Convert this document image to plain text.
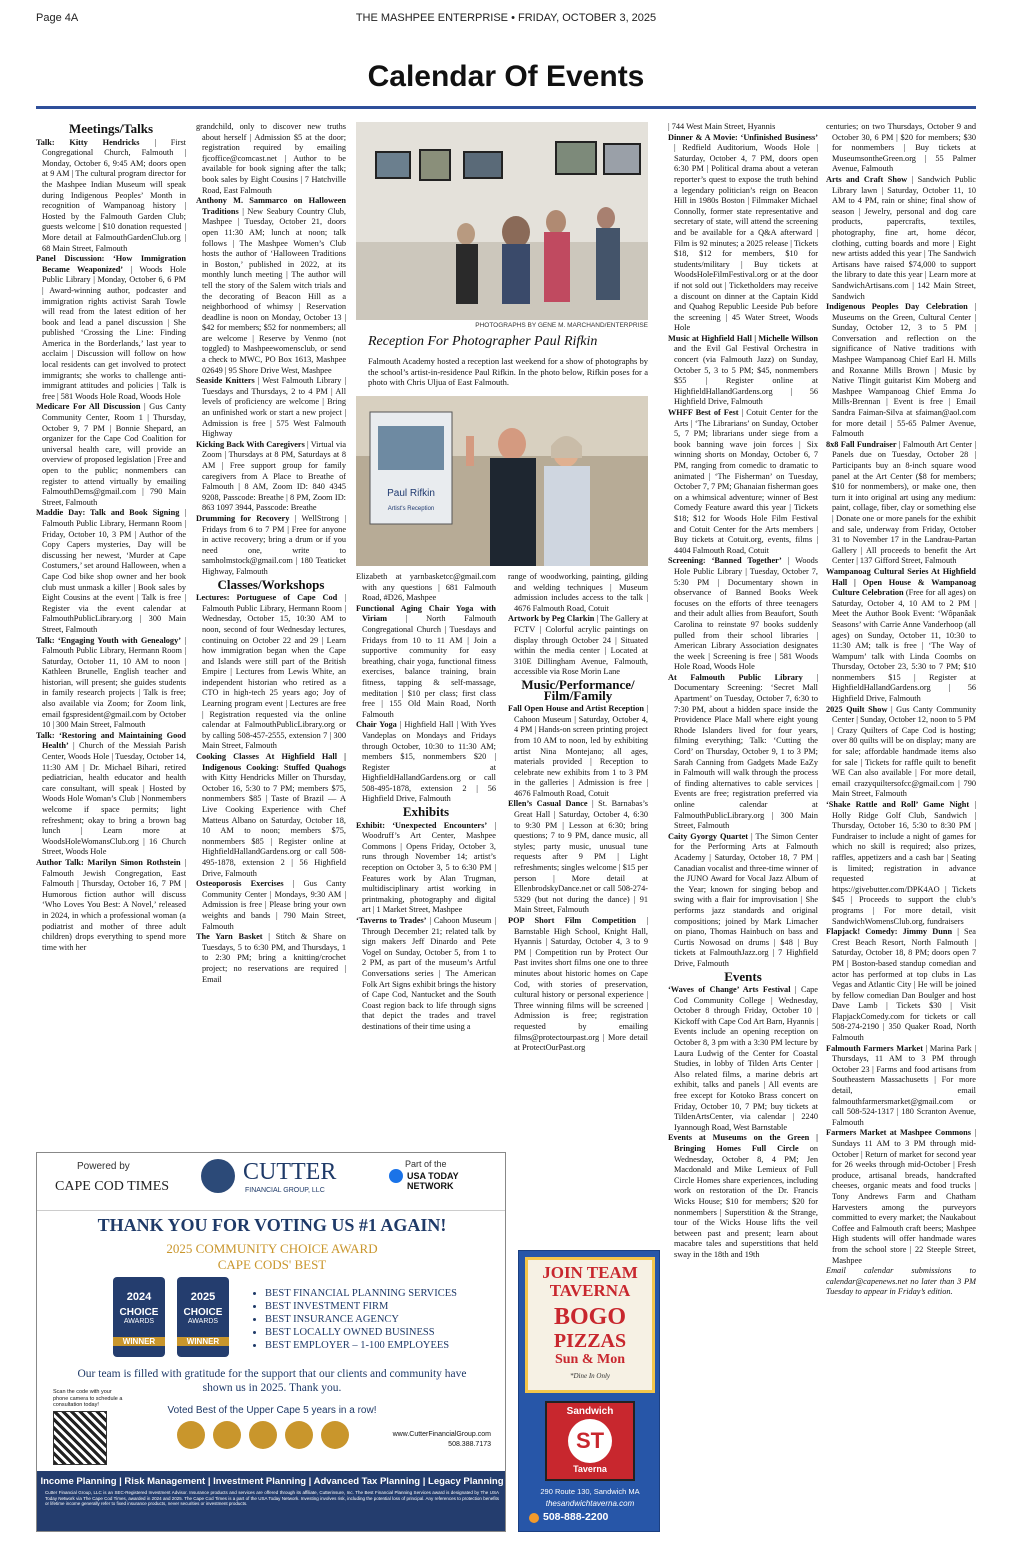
Page 4A	THE MASHPEE ENTERPRISE • FRIDAY, OCTOBER 3, 2025
Calendar Of Events
Meetings/Talks

Talk: Kitty Hendricks | First Congregational Church, Falmouth | Monday, October 6, 9:45 AM; doors open at 9 AM | The cultural program director for the Mashpee Indian Museum will speak during Indigenous Peoples’ Month in recognition of Wampanoag history | Hosted by the Falmouth Garden Club; guests welcome | $10 donation requested | More detail at FalmouthGardenClub.org | 68 Main Street, Falmouth

Panel Discussion: ‘How Immigration Became Weaponized’ | Woods Hole Public Library | Monday, October 6, 6 PM | Award-winning author, podcaster and immigration rights activist Sarah Towle will read from the latest edition of her book and lead a panel discussion | She published ‘Crossing the Line: Finding America in the Borderlands,’ last year to acclaim | Discussion will follow on how local residents can get involved to protect immigrants; she works to challenge anti-immigrant attitudes and policies | Talk is free | 581 Woods Hole Road, Woods Hole

Medicare For All Discussion | Gus Canty Community Center, Room 1 | Thursday, October 9, 7 PM | Bonnie Shepard, an organizer for the Cape Cod Coalition for universal health care, will provide an overview of proposed legislation | Free and open to the public; nonmembers can register to attend virtually by emailing FalmouthDems@gmail.com | 790 Main Street, Falmouth

Maddie Day: Talk and Book Signing | Falmouth Public Library, Hermann Room | Friday, October 10, 3 PM | Author of the Copy Capers mysteries, Day will be discussing her newest, ‘Murder at Cape Costumers,’ set around Halloween, when a Cape Cod bike shop owner and her book club must unmask a killer | Book sales by Eight Cousins at the event | Talk is free | Register via the event calendar at FalmouthPublicLibrary.org | 300 Main Street, Falmouth

Talk: ‘Engaging Youth with Genealogy’ | Falmouth Public Library, Hermann Room | Saturday, October 11, 10 AM to noon | Kathleen Brunelle, English teacher and historian, will present; she guides students in family research projects | Talk is free; also available via Zoom; for Zoom link, email fgspresident@gmail.com by October 10 | 300 Main Street, Falmouth

Talk: ‘Restoring and Maintaining Good Health’ | Church of the Messiah Parish Center, Woods Hole | Tuesday, October 14, 11:30 AM | Dr. Michael Bihari, retired pediatrician, health educator and health care consultant, will speak | Hosted by Woods Hole Woman’s Club | Nonmembers welcome if space permits; light refreshment; okay to bring a brown bag lunch | Learn more at WoodsHoleWomansClub.org | 16 Church Street, Woods Hole

Author Talk: Marilyn Simon Rothstein | Falmouth Jewish Congregation, East Falmouth | Thursday, October 16, 7 PM | Humorous fiction author will discuss ‘Who Loves You Best: A Novel,’ released in 2024, in which a professional woman (a podiatrist and mother of three adult children) drops everything to spend more time with her

grandchild, only to discover new truths about herself | Admission $5 at the door; registration required by emailing fjcoffice@comcast.net | Author to be available for book signing after the talk; book sales by Eight Cousins | 7 Hatchville Road, East Falmouth

Anthony M. Sammarco on Halloween Traditions | New Seabury Country Club, Mashpee | Tuesday, October 21, doors open 11:30 AM; lunch at noon; talk follows | The Mashpee Women’s Club hosts the author of ‘Halloween Traditions in Boston,’ published in 2022, at its monthly lunch meeting | The author will tell the story of the Salem witch trials and the decorating of Beacon Hill as a neighborhood of whimsy | Reservation deadline is noon on Monday, October 13 | $42 for members; $52 for nonmembers; all are welcome | Reserve by Venmo (not toggled) to Mashpeewomensclub, or send a check to MWC, PO Box 1613, Mashpee 02649 | 95 Shore Drive West, Mashpee

Seaside Knitters | West Falmouth Library | Tuesdays and Thursdays, 2 to 4 PM | All levels of proficiency are welcome | Bring an unfinished work or start a new project | Admission is free | 575 West Falmouth Highway

Kicking Back With Caregivers | Virtual via Zoom | Thursdays at 8 PM, Saturdays at 8 AM | Free support group for family caregivers from A Place to Breathe of Falmouth | 8 AM, Zoom ID: 840 4345 9208, Passcode: Breathe | 8 PM, Zoom ID: 863 1097 3944, Passcode: Breathe

Drumming for Recovery | WellStrong | Fridays from 6 to 7 PM | Free for anyone in active recovery; bring a drum or if you need one, write to samholmstock@gmail.com | 180 Teaticket Highway, Falmouth

Classes/Workshops

Lectures: Portuguese of Cape Cod | Falmouth Public Library, Hermann Room | Wednesday, October 15, 10:30 AM to noon, second of four Wednesday lectures, continuing on October 22 and 29 | Learn how immigration began when the Cape and Islands were still part of the British Empire | Lectures from Lewis White, an independent historian who retired as a CTO in high-tech 25 years ago; Joy of Learning program event | Lectures are free | Registration requested via the online calendar at FalmouthPublicLibrary.org or by calling 508-457-2555, extension 7 | 300 Main Street, Falmouth

Cooking Classes At Highfield Hall | Indigenous Cooking: Stuffed Quahogs with Kitty Hendricks Miller on Thursday, October 16, 5:30 to 7 PM; members $75, nonmembers $85 | Taste of Brazil — A Live Cooking Experience with Chef Matteus Albano on Saturday, October 18, 10 AM to noon; members $75, nonmembers $85 | Register online at HighfieldHallandGardens.org or call 508-495-1878, extension 2 | 56 Highfield Drive, Falmouth

Osteoporosis Exercises | Gus Canty Community Center | Mondays, 9:30 AM | Admission is free | Please bring your own weights and bands | 790 Main Street, Falmouth

The Yarn Basket | Stitch & Share on Tuesdays, 5 to 6:30 PM, and Thursdays, 1 to 2:30 PM; bring a knitting/crochet project; no reservations are required | Email

PHOTOGRAPHS BY GENE M. MARCHAND/ENTERPRISE
Reception For Photographer Paul Rifkin
Falmouth Academy hosted a reception last weekend for a show of photographs by the school’s artist-in-residence Paul Rifkin. In the photo below, Rifkin poses for a photo with Chris Uljua of East Falmouth.
Paul Rifkin
Artist's Reception

Elizabeth at yarnbasketcc@gmail.com with any questions | 681 Falmouth Road, #D26, Mashpee

Functional Aging Chair Yoga with Viriam | North Falmouth Congregational Church | Tuesdays and Fridays from 10 to 11 AM | Join a supportive community for easy breathing, chair yoga, functional fitness exercises, balance training, brain fitness, tapping & self-massage, meditation | $10 per class; first class free | 155 Old Main Road, North Falmouth

Chair Yoga | Highfield Hall | With Yves Vandeplas on Mondays and Fridays through October, 10:30 to 11:30 AM; members $15, nonmembers $20 | Register at HighfieldHallandGardens.org or call 508-495-1878, extension 2 | 56 Highfield Drive, Falmouth

Exhibits

Exhibit: ‘Unexpected Encounters’ | Woodruff’s Art Center, Mashpee Commons | Opens Friday, October 3, runs through November 14; artist’s reception on October 3, 5 to 6:30 PM | Features work by Alan Trugman, multidisciplinary artist working in printmaking, photography and digital art | 1 Market Street, Mashpee

‘Taverns to Trades’ | Cahoon Museum | Through December 21; related talk by sign makers Jeff Dinardo and Pete Vogel on Sunday, October 5, from 1 to 2 PM, as part of the museum’s Artful Conversations series | The American Folk Art Signs exhibit brings the history of Cape Cod, Nantucket and the South Coast region back to life through signs that depict the trades and travel destinations of their time using a

range of woodworking, painting, gilding and welding techniques | Museum admission includes access to the talk | 4676 Falmouth Road, Cotuit

Artwork by Peg Clarkin | The Gallery at FCTV | Colorful acrylic paintings on display through October 24 | Situated within the media center | Located at 310E Dillingham Avenue, Falmouth, accessible via Rose Morin Lane

Music/Performance/ Film/Family

Fall Open House and Artist Reception | Cahoon Museum | Saturday, October 4, 4 PM | Hands-on screen printing project from 10 AM to noon, led by exhibiting artist Nina Montejano; all ages, materials provided | Reception to celebrate new exhibits from 1 to 3 PM in the galleries | Admission is free | 4676 Falmouth Road, Cotuit

Ellen’s Casual Dance | St. Barnabas’s Great Hall | Saturday, October 4, 6:30 to 9:30 PM | Lesson at 6:30; bring questions; 7 to 9 PM, dance music, all styles; party music, unusual tune requests after 9 PM | Light refreshments; singles welcome | $15 per person | More detail at EllenbrodskyDance.net or call 508-274-5329 (but not during the dance) | 91 Main Street, Falmouth

POP Short Film Competition | Barnstable High School, Knight Hall, Hyannis | Saturday, October 4, 3 to 9 PM | Competition run by Protect Our Past invites short films one one to three minutes about historic homes on Cape Cod, with stories of preservation, cultural history or personal experience | Three winning films will be screened | Admission is free; registration requested by emailing films@protectourpast.org | More detail at ProtectOurPast.org

| 744 West Main Street, Hyannis

Dinner & A Movie: ‘Unfinished Business’ | Redfield Auditorium, Woods Hole | Saturday, October 4, 7 PM, doors open 6:30 PM | Political drama about a veteran reporter’s quest to expose the truth behind a legendary politician’s reign on Beacon Hill in 1980s Boston | Filmmaker Michael Connolly, former state representative and secretary of state, will attend the screening and be available for a Q&A afterward | Film is 92 minutes; a 2025 release | Tickets $18, $12 for members, $10 for students/military | Buy tickets at WoodsHoleFilmFestival.org or at the door if not sold out | Ticketholders may receive a discount on dinner at the Captain Kidd and Quahog Republic Leeside Pub before the screening | 45 Water Street, Woods Hole

Music at Highfield Hall | Michelle Willson and the Evil Gal Festival Orchestra in concert (via Falmouth Jazz) on Sunday, October 5, 3 to 5 PM; $45, nonmembers $55 | Register online at HighfieldHallandGardens.org | 56 Highfield Drive, Falmouth

WHFF Best of Fest | Cotuit Center for the Arts | ‘The Librarians’ on Sunday, October 5, 7 PM; librarians under siege from a book banning wave join forces | Six winning shorts on Monday, October 6, 7 PM, ranging from comedic to dramatic to animated | ‘The Fisherman’ on Tuesday, October 7, 7 PM; Ghanaian fisherman goes on a whimsical adventure; winner of Best Comedy Feature award this year | Tickets $18; $12 for Woods Hole Film Festival and Cotuit Center for the Arts members | Buy tickets at Cotuit.org, events, films | 4404 Falmouth Road, Cotuit

Screening: ‘Banned Together’ | Woods Hole Public Library | Tuesday, October 7, 5:30 PM | Documentary shown in observance of Banned Books Week focuses on the efforts of three teenagers and their adult allies from Beaufort, South Carolina to reinstate 97 books suddenly pulled from their school libraries | American Library Association designates the week | Screening is free | 581 Woods Hole Road, Woods Hole

At Falmouth Public Library | Documentary Screening: ‘Secret Mall Apartment’ on Tuesday, October 7, 6:30 to 7:30 PM, about a hidden space inside the Providence Place Mall where eight young Rhode Islanders lived for four years, filming everything; Talk: ‘Cutting the Cord’ on Thursday, October 9, 1 to 3 PM; Sarah Canning from Gadgets Made EaZy in Falmouth will walk through the process of finding alternatives to cable services | Events are free; registration preferred via online calendar at FalmouthPublicLibrary.org | 300 Main Street, Falmouth

Caity Gyorgy Quartet | The Simon Center for the Performing Arts at Falmouth Academy | Saturday, October 18, 7 PM | Canadian vocalist and three-time winner of the JUNO Award for Vocal Jazz Album of the Year; known for singing bebop and swing with a flair for improvisation | She performs jazz standards and original compositions; joined by Mark Limacher on piano, Thomas Hainbuch on bass and Curtis Nowosad on drums | $48 | Buy tickets at FalmouthJazz.org | 7 Highfield Drive, Falmouth

Events

‘Waves of Change’ Arts Festival | Cape Cod Community College | Wednesday, October 8 through Friday, October 10 | Kickoff with Cape Cod Art Barn, Hyannis | Events include an opening reception on October 8, 3 pm with a 3:30 PM lecture by Laura Ludwig of the Center for Coastal Studies, in lobby of Tilden Arts Center | Also related films, a marine debris art exhibit, talks and panels | All events are free except for Kotoko Brass concert on Friday, October 10, 7 PM; buy tickets at TildenArtsCenter, via calendar | 2240 Iyannough Road, West Barnstable

Events at Museums on the Green | Bringing Homes Full Circle on Wednesday, October 8, 4 PM; Jen Macdonald and Mike Lemieux of Full Circle Homes share experiences, including work on restoration of the Dr. Francis Wicks House; $10 for members; $20 for nonmembers | Superstition & the Strange, tour of the Wicks House lifts the veil between past and present; learn about macabre tales and superstitions that held sway in the 18th and 19th

centuries; on two Thursdays, October 9 and October 30, 6 PM | $20 for members; $30 for nonmembers | Buy tickets at MuseumsontheGreen.org | 55 Palmer Avenue, Falmouth

Arts and Craft Show | Sandwich Public Library lawn | Saturday, October 11, 10 AM to 4 PM, rain or shine; final show of season | Jewelry, personal and dog care products, papercrafts, textiles, photography, fine art, home décor, clothing, cutting boards and more | Eight new artists added this year | The Sandwich Artisans have raised $74,000 to support the library to date this year | Learn more at SandwichArtisans.com | 142 Main Street, Sandwich

Indigenous Peoples Day Celebration | Museums on the Green, Cultural Center | Sunday, October 12, 3 to 5 PM | Conversation and reflection on the significance of Native traditions with Mashpee Wampanoag Chief Earl H. Mills and Roxanne Mills Brown | Music by Native Tlingit guitarist Kim Moberg and Mashpee Wampanoag Chief Emma Jo Mills-Brennan | Event is free | Email Sandra Faiman-Silva at sfaiman@aol.com for more detail | 55-65 Palmer Avenue, Falmouth

8x8 Fall Fundraiser | Falmouth Art Center | Panels due on Tuesday, October 28 | Participants buy an 8-inch square wood panel at the Art Center ($8 for members; $10 for nonmembers), or make one, then turn it into original art using any medium: paint, collage, fiber, clay or something else | Donate one or more panels for the exhibit and sale, underway from Friday, October 31 to November 17 in the Landrau-Partan Gallery | All proceeds to benefit the Art Center | 137 Gifford Street, Falmouth

Wampanoag Cultural Series At Highfield Hall | Open House & Wampanoag Culture Celebration (Free for all ages) on Saturday, October 4, 10 AM to 2 PM | Meet the Author Book Event: ‘Wôpanâak Seasons’ with Carrie Anne Vanderhoop (all ages) on Sunday, October 11, 10:30 to 11:30 AM; talk is free | ‘The Way of Wampum’ talk with Linda Coombs on Thursday, October 23, 5:30 to 7 PM; $10 nonmembers $15 | Register at HighfieldHallandGardens.org | 56 Highfield Drive, Falmouth

2025 Quilt Show | Gus Canty Community Center | Sunday, October 12, noon to 5 PM | Crazy Quilters of Cape Cod is hosting; over 80 quilts will be on display; many are for sale; affordable handmade items also for sale | Tickets for raffle quilt to benefit WE Can also available | For more detail, email crazyquiltersofcc@gmail.com | 790 Main Street, Falmouth

‘Shake Rattle and Roll’ Game Night | Holly Ridge Golf Club, Sandwich | Thursday, October 16, 5:30 to 8:30 PM | Fundraiser to include a night of games for which no skill is required; also prizes, raffles, appetizers and a cash bar | Seating is limited; registration in advance requested at https://givebutter.com/DPK4AO | Tickets $45 | Proceeds to support the club’s programs | For more detail, visit SandwichWomensClub.org, fundraisers

Flapjack! Comedy: Jimmy Dunn | Sea Crest Beach Resort, North Falmouth | Saturday, October 18, 8 PM; doors open 7 PM | Boston-based standup comedian and actor has performed at top clubs in Las Vegas and Atlantic City | He will be joined by fellow comedian Dan Boulger and host Dave Lamb | Tickets $30 | Visit FlapjackComedy.com for tickets or call 508-274-2190 | 350 Quaker Road, North Falmouth

Falmouth Farmers Market | Marina Park | Thursdays, 11 AM to 3 PM through October 23 | Farms and food artisans from Southeastern Massachusetts | For more detail, email falmouthfarmersmarket@gmail.com or call 508-524-1317 | 180 Scranton Avenue, Falmouth

Farmers Market at Mashpee Commons | Sundays 11 AM to 3 PM through mid-October | Return of market for second year for 26 weeks through mid-October | Fresh produce, artisanal breads, handcrafted cheeses, organic meats and food trucks | Tony Andrews Farm and Chatham Harvesters among the purveyors committed to every market; the Naukabout Coffee and Falmouth craft beers; Mashpee High students will offer handmade wares from the school store | 22 Steeple Street, Mashpee

Email calendar submissions to calendar@capenews.net no later than 3 PM Tuesday to appear in Friday’s edition.

Powered by
CAPE COD TIMES
CUTTER
FINANCIAL GROUP, LLC
Part of the
USA TODAY NETWORK
THANK YOU FOR VOTING US #1 AGAIN!
2025 COMMUNITY CHOICE AWARD
CAPE CODS' BEST
2024
CHOICE
AWARDS
WINNER
2025
CHOICE
AWARDS
WINNER
• BEST FINANCIAL PLANNING SERVICES
• BEST INVESTMENT FIRM
• BEST INSURANCE AGENCY
• BEST LOCALLY OWNED BUSINESS
• BEST EMPLOYER – 1-100 EMPLOYEES
Our team is filled with gratitude for the support that our clients and community have shown us in 2025. Thank you.
Scan the code with your phone camera to schedule a consultation today!	Voted Best of the Upper Cape 5 years in a row!
www.CutterFinancialGroup.com
508.388.7173
Income Planning | Risk Management | Investment Planning | Advanced Tax Planning | Legacy Planning
Cutter Financial Group, LLC is an SEC-Registered Investment Advisor. Insurance products and services are offered through its affiliate, Cutterinsure, Inc. The Best Financial Planning Services award is designated by The USA Today Network via The Cape Cod Times, awarded in 2024 and 2025. The Cape Cod Times is a part of the USA Today Network. Investing involves risk, including the potential loss of principal. Any references to protection benefits or lifetime income generally refer to fixed insurance products, never securities or investment products.
JOIN TEAM
TAVERNA
BOGO
PIZZAS
Sun & Mon
*Dine In Only
Sandwich
ST
Taverna
290 Route 130, Sandwich MA
thesandwichtaverna.com
508-888-2200
